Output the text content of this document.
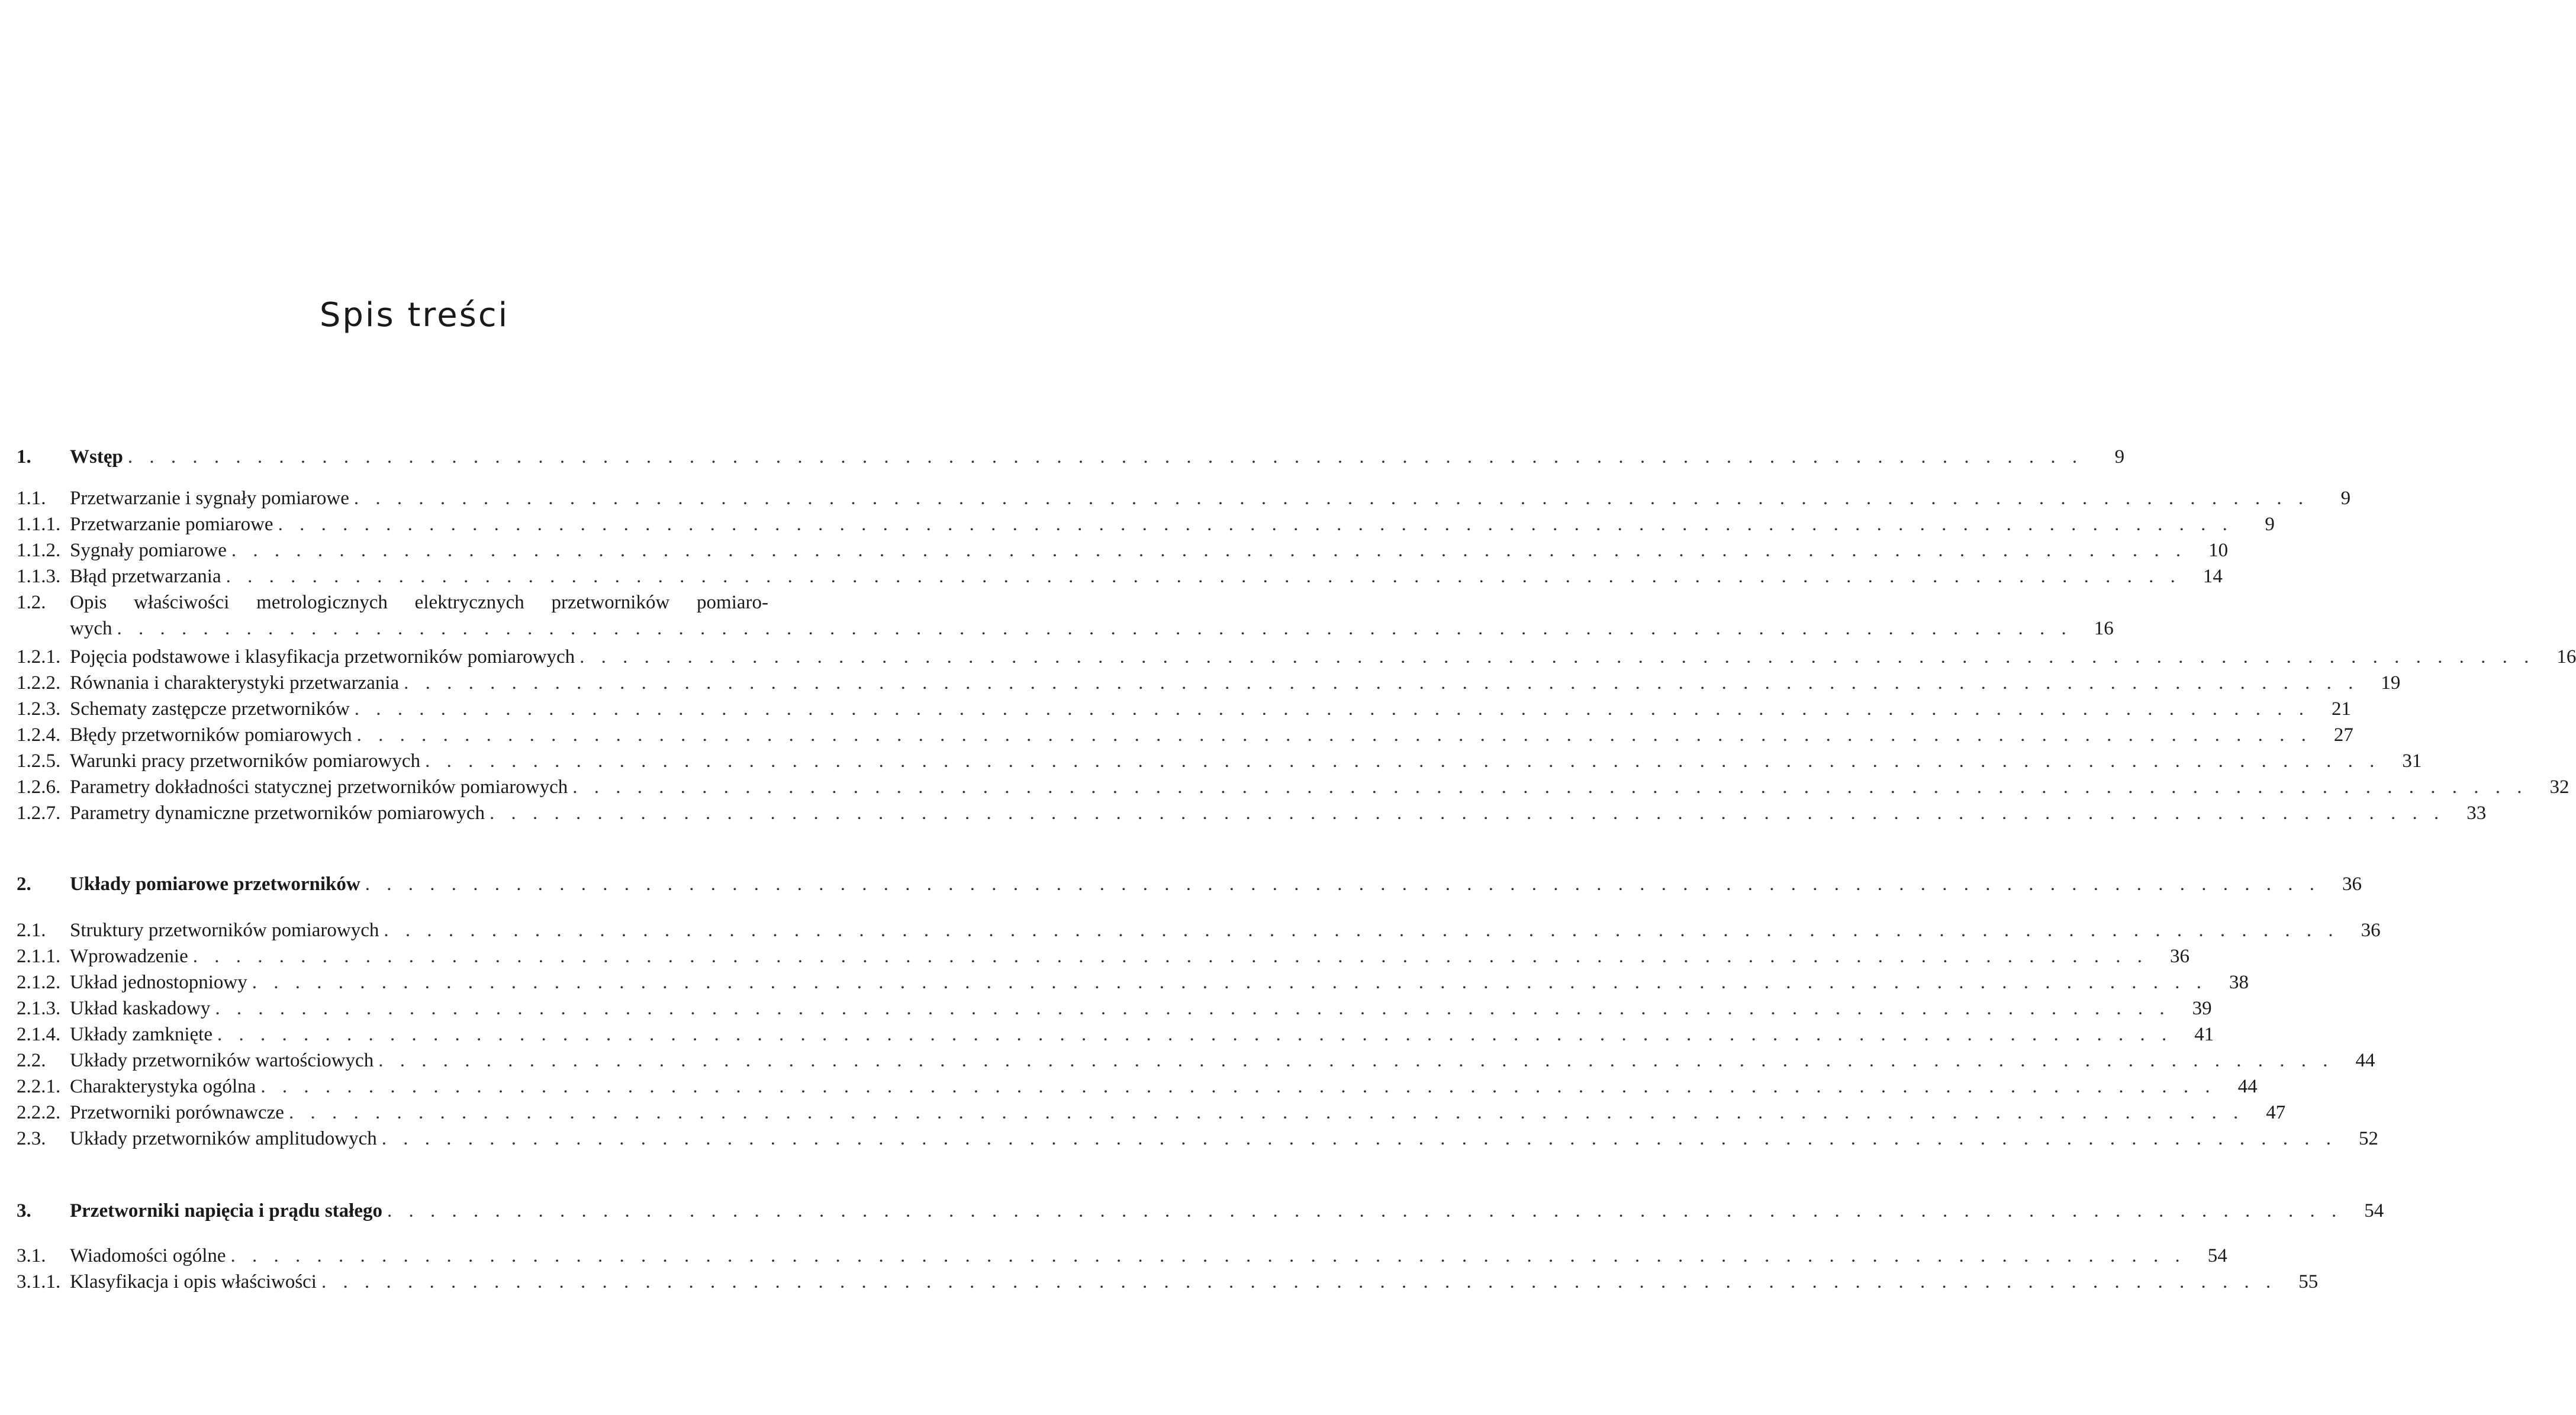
Spis treści
1.	Wstęp . . .	9
1.1.	Przetwarzanie i sygnały pomiarowe . . .	9
1.1.1. Przetwarzanie pomiarowe . . .	9
1.1.2. Sygnały pomiarowe . . .	10
1.1.3. Błąd przetwarzania . . .	14
1.2.	Opis właściwości metrologicznych elektrycznych przetworników pomiaro-
wych . . .	16
1.2.1. Pojęcia podstawowe i klasyfikacja przetworników pomiarowych . . .	16
1.2.2. Równania i charakterystyki przetwarzania . . .	19
1.2.3. Schematy zastępcze przetworników . . .	21
1.2.4. Błędy przetworników pomiarowych . . .	27
1.2.5. Warunki pracy przetworników pomiarowych . . .	31
1.2.6. Parametry dokładności statycznej przetworników pomiarowych . . .	32
1.2.7. Parametry dynamiczne przetworników pomiarowych . . .	33
2.	Układy pomiarowe przetworników . . .	36
2.1.	Struktury przetworników pomiarowych . . .	36
2.1.1. Wprowadzenie . . .	36
2.1.2. Układ jednostopniowy . . .	38
2.1.3. Układ kaskadowy . . .	39
2.1.4. Układy zamknięte . . .	41
2.2.	Układy przetworników wartościowych . . .	44
2.2.1. Charakterystyka ogólna . . .	44
2.2.2. Przetworniki porównawcze . . .	47
2.3.	Układy przetworników amplitudowych . . .	52
3.	Przetworniki napięcia i prądu stałego . . .	54
3.1.	Wiadomości ogólne . . .	54
3.1.1. Klasyfikacja i opis właściwości . . .	55
